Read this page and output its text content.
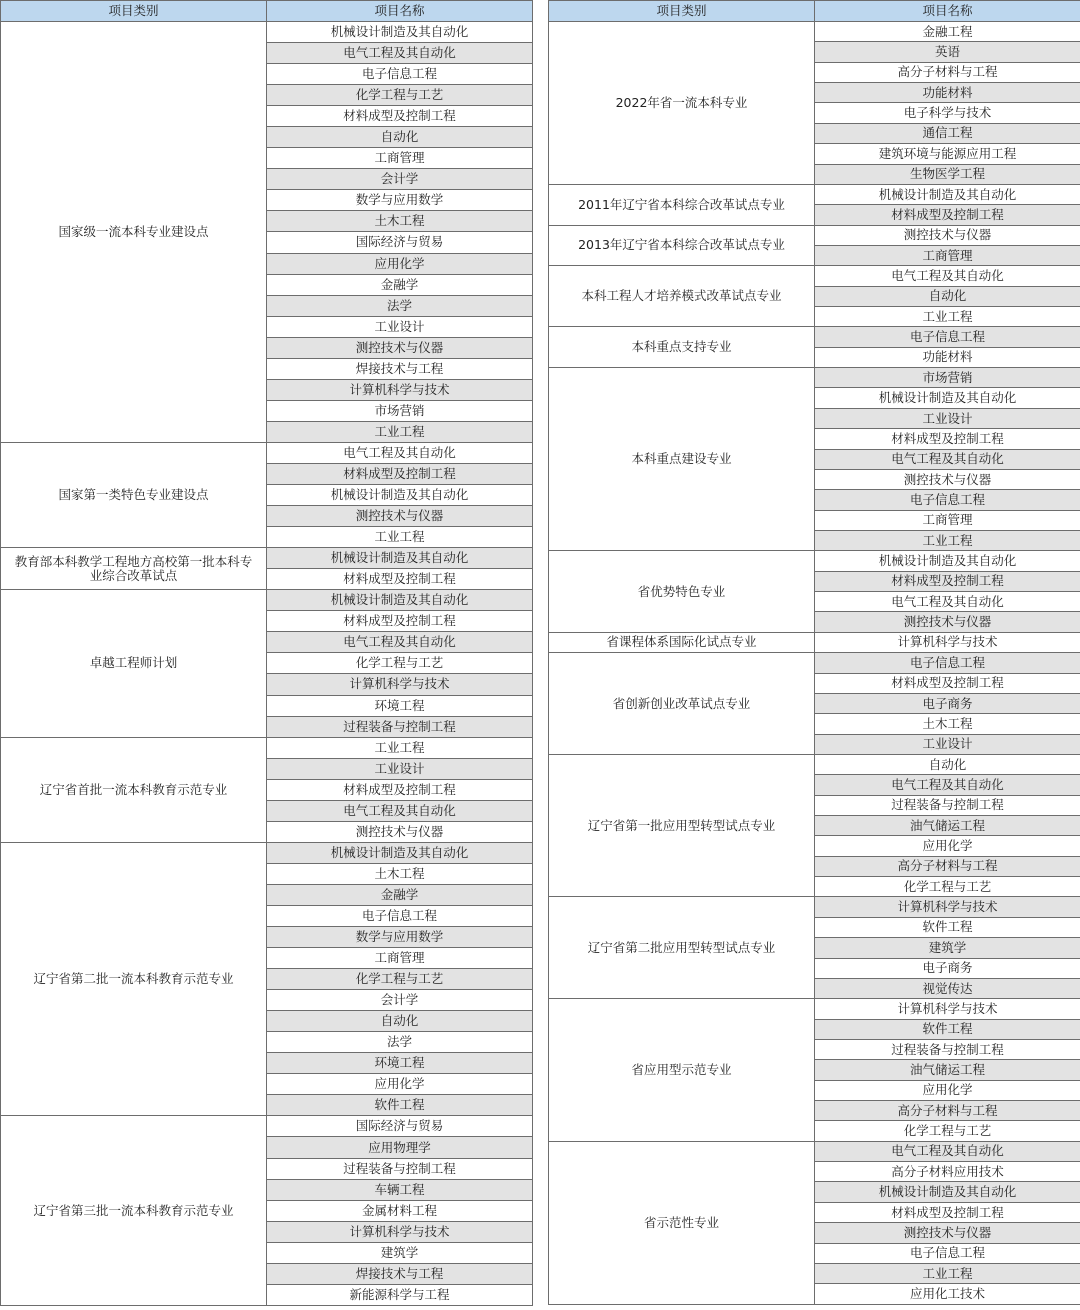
项目类别	项目名称
国家级一流本科专业建设点	机械设计制造及其自动化
	电气工程及其自动化
	电子信息工程
	化学工程与工艺
	材料成型及控制工程
	自动化
	工商管理
	会计学
	数学与应用数学
	土木工程
	国际经济与贸易
	应用化学
	金融学
	法学
	工业设计
	测控技术与仪器
	焊接技术与工程
	计算机科学与技术
	市场营销
	工业工程
国家第一类特色专业建设点	电气工程及其自动化
	材料成型及控制工程
	机械设计制造及其自动化
	测控技术与仪器
	工业工程
教育部本科教学工程地方高校第一批本科专业综合改革试点	机械设计制造及其自动化
	材料成型及控制工程
卓越工程师计划	机械设计制造及其自动化
	材料成型及控制工程
	电气工程及其自动化
	化学工程与工艺
	计算机科学与技术
	环境工程
	过程装备与控制工程
辽宁省首批一流本科教育示范专业	工业工程
	工业设计
	材料成型及控制工程
	电气工程及其自动化
	测控技术与仪器
辽宁省第二批一流本科教育示范专业	机械设计制造及其自动化
	土木工程
	金融学
	电子信息工程
	数学与应用数学
	工商管理
	化学工程与工艺
	会计学
	自动化
	法学
	环境工程
	应用化学
	软件工程
辽宁省第三批一流本科教育示范专业	国际经济与贸易
	应用物理学
	过程装备与控制工程
	车辆工程
	金属材料工程
	计算机科学与技术
	建筑学
	焊接技术与工程
	新能源科学与工程
项目类别	项目名称
2022年省一流本科专业	金融工程
	英语
	高分子材料与工程
	功能材料
	电子科学与技术
	通信工程
	建筑环境与能源应用工程
	生物医学工程
2011年辽宁省本科综合改革试点专业	机械设计制造及其自动化
	材料成型及控制工程
2013年辽宁省本科综合改革试点专业	测控技术与仪器
	工商管理
本科工程人才培养模式改革试点专业	电气工程及其自动化
	自动化
	工业工程
本科重点支持专业	电子信息工程
	功能材料
本科重点建设专业	市场营销
	机械设计制造及其自动化
	工业设计
	材料成型及控制工程
	电气工程及其自动化
	测控技术与仪器
	电子信息工程
	工商管理
	工业工程
省优势特色专业	机械设计制造及其自动化
	材料成型及控制工程
	电气工程及其自动化
	测控技术与仪器
省课程体系国际化试点专业	计算机科学与技术
省创新创业改革试点专业	电子信息工程
	材料成型及控制工程
	电子商务
	土木工程
	工业设计
辽宁省第一批应用型转型试点专业	自动化
	电气工程及其自动化
	过程装备与控制工程
	油气储运工程
	应用化学
	高分子材料与工程
	化学工程与工艺
辽宁省第二批应用型转型试点专业	计算机科学与技术
	软件工程
	建筑学
	电子商务
	视觉传达
省应用型示范专业	计算机科学与技术
	软件工程
	过程装备与控制工程
	油气储运工程
	应用化学
	高分子材料与工程
	化学工程与工艺
省示范性专业	电气工程及其自动化
	高分子材料应用技术
	机械设计制造及其自动化
	材料成型及控制工程
	测控技术与仪器
	电子信息工程
	工业工程
	应用化工技术
